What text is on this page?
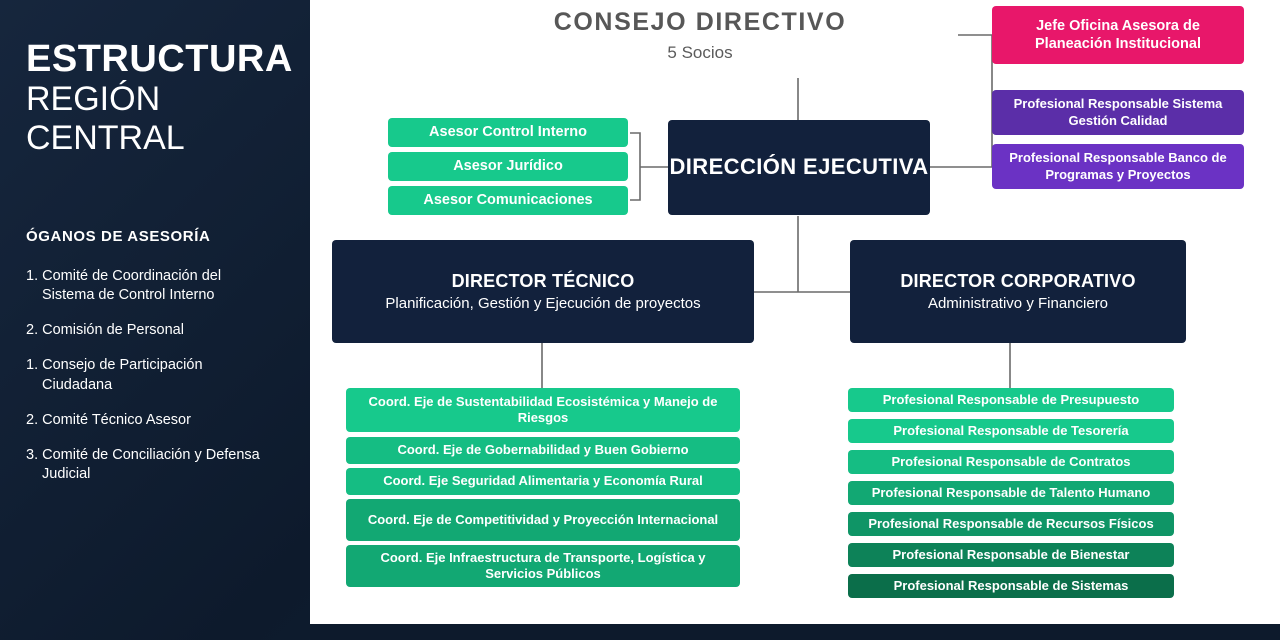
ESTRUCTURA
REGIÓN
CENTRAL
ÓGANOS DE ASESORÍA
1. Comité de Coordinación del Sistema de Control Interno
2. Comisión de Personal
1. Consejo de Participación Ciudadana
2. Comité Técnico Asesor
3. Comité de Conciliación y Defensa Judicial
CONSEJO DIRECTIVO
5 Socios
Asesor Control Interno
Asesor Jurídico
Asesor Comunicaciones
DIRECCIÓN EJECUTIVA
Jefe Oficina Asesora de Planeación Institucional
Profesional Responsable Sistema Gestión Calidad
Profesional Responsable Banco de Programas y Proyectos
DIRECTOR TÉCNICO
Planificación, Gestión y Ejecución de proyectos
DIRECTOR CORPORATIVO
Administrativo y Financiero
Coord. Eje de Sustentabilidad Ecosistémica y Manejo de Riesgos
Coord. Eje de Gobernabilidad y Buen Gobierno
Coord. Eje Seguridad Alimentaria y Economía Rural
Coord. Eje de Competitividad y Proyección Internacional
Coord. Eje Infraestructura de Transporte, Logística y Servicios Públicos
Profesional Responsable de Presupuesto
Profesional Responsable de Tesorería
Profesional Responsable de Contratos
Profesional Responsable de Talento Humano
Profesional Responsable de Recursos Físicos
Profesional Responsable de Bienestar
Profesional Responsable de Sistemas
